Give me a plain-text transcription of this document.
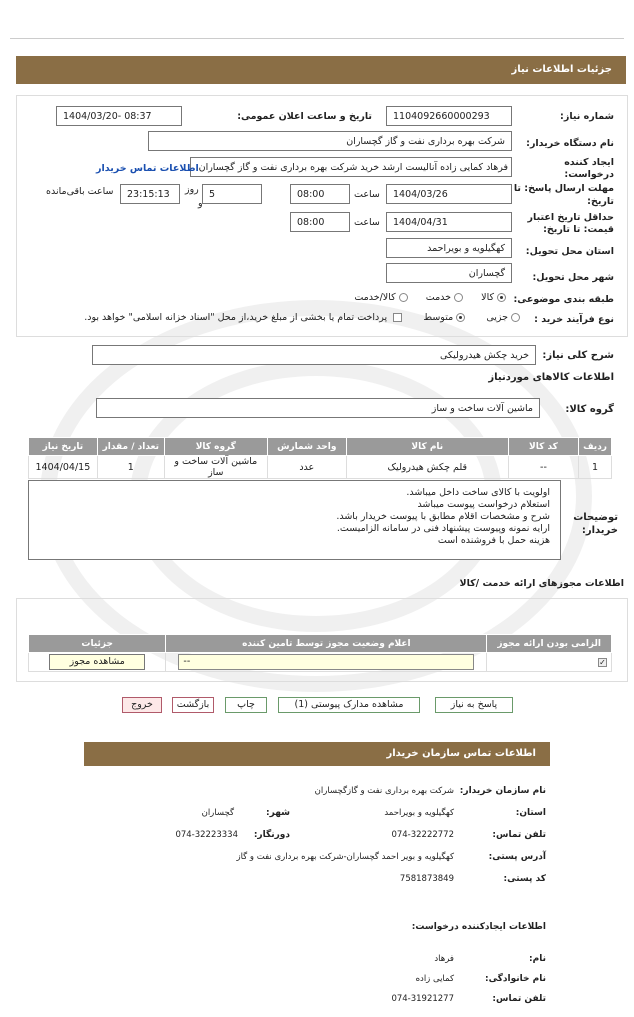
جزئیات اطلاعات نیاز
شماره نیاز:
1104092660000293
تاریخ و ساعت اعلان عمومی:
1404/03/20- 08:37
نام دستگاه خریدار:
شرکت بهره برداری نفت و گاز گچساران
ایجاد کننده
درخواست:
فرهاد کمایی زاده آنالیست ارشد خرید شرکت بهره برداری نفت و گاز گچساران
اطلاعات تماس خریدار
مهلت ارسال پاسخ: تا
تاریخ:
1404/03/26
ساعت
08:00
5
روز
و
23:15:13
ساعت باقی‌مانده
حداقل تاریخ اعتبار
قیمت: تا تاریخ:
1404/04/31
ساعت
08:00
استان محل تحویل:
کهگیلویه و بویراحمد
شهر محل تحویل:
گچساران
طبقه بندی موضوعی:
کالا      خدمت      کالا/خدمت
نوع فرآیند خرید :
جزیی       متوسط        پرداخت تمام یا بخشی از مبلغ خرید،از محل "اسناد خزانه اسلامی" خواهد بود.
شرح کلی نیاز:
خرید چکش هیدرولیکی
اطلاعات کالاهای موردنیاز
گروه کالا:
ماشین آلات ساخت و ساز
ردیف	کد کالا	نام کالا	واحد شمارش	گروه کالا	تعداد / مقدار	تاریخ نیاز
1	--	قلم چکش هیدرولیک	عدد	ماشین آلات ساخت و ساز	1	1404/04/15
توضیحات
خریدار:
اولویت با کالای ساخت داخل میباشد.
استعلام درخواست پیوست میباشد
شرح و مشخصات اقلام مطابق با پیوست خریدار باشد.
ارایه نمونه وپیوست پیشنهاد فنی در سامانه الزامیست.
هزینه حمل با فروشنده است
اطلاعات مجوزهای ارائه خدمت /کالا
الزامی بودن ارائه مجوز	اعلام وضعیت مجوز توسط تامین کننده	جزئیات
✓	--	مشاهده مجوز
پاسخ به نیاز
مشاهده مدارک پیوستی (1)
چاپ
بازگشت
خروج
اطلاعات تماس سازمان خریدار
نام سازمان خریدار:
شرکت بهره برداری نفت و گازگچساران
استان:
کهگیلویه و بویراحمد
شهر:
گچساران
تلفن تماس:
074-32222772
دورنگار:
074-32223334
آدرس پستی:
کهگیلویه و بویر احمد گچساران-شرکت بهره برداری نفت و گاز
کد پستی:
7581873849
اطلاعات ایجادکننده درخواست:
نام:
فرهاد
نام خانوادگی:
کمایی زاده
تلفن تماس:
074-31921277
